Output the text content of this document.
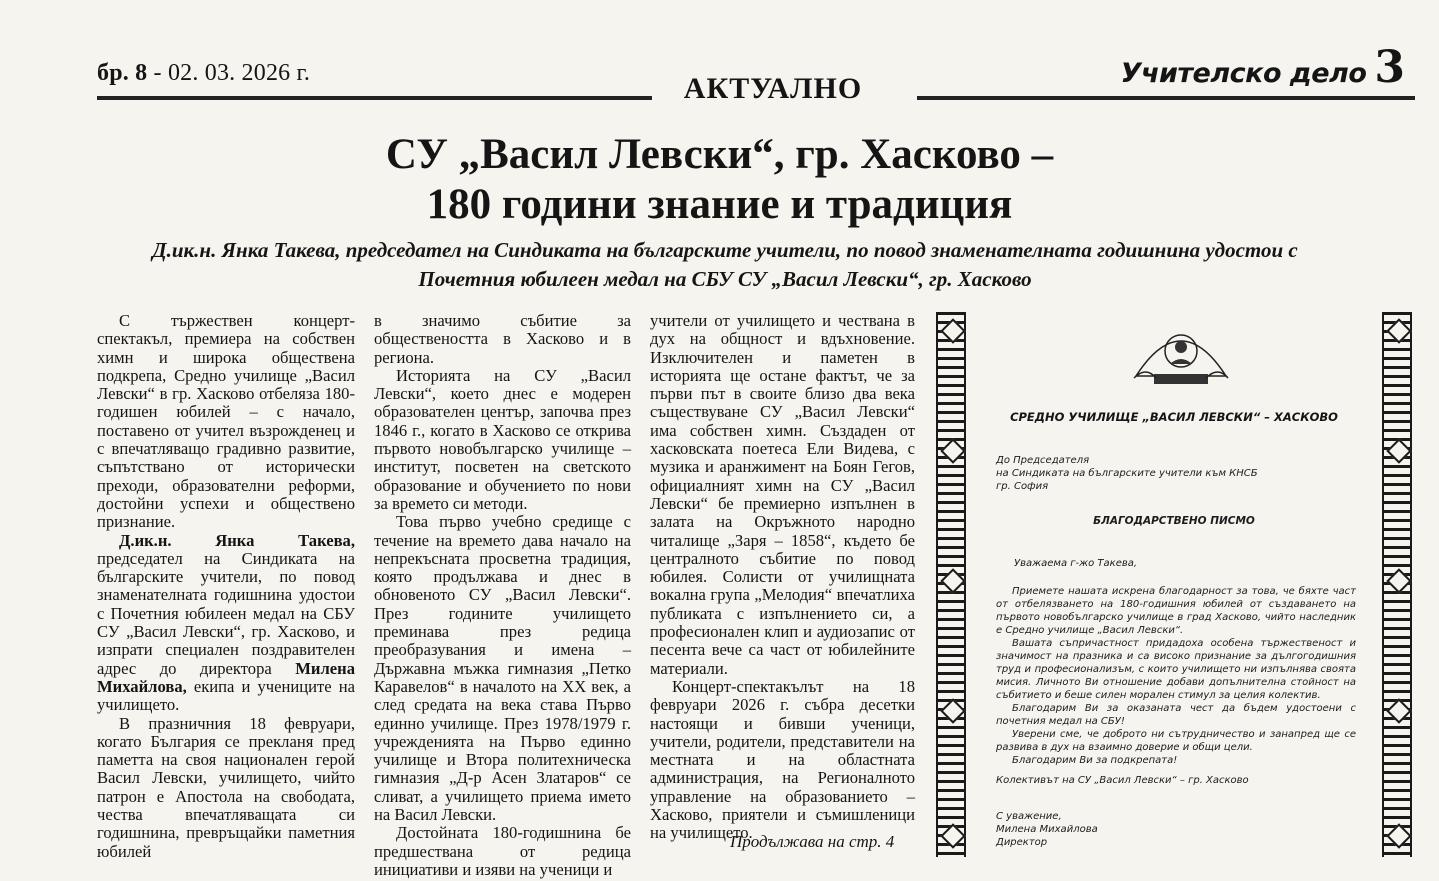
бр. 8 - 02. 03. 2026 г.	АКТУАЛНО	Учителско дело 3
СУ „Васил Левски“, гр. Хасково –
180 години знание и традиция
Д.ик.н. Янка Такева, председател на Синдиката на българските учители, по повод знаменателната годишнина удостои с Почетния юбилеен медал на СБУ СУ „Васил Левски“, гр. Хасково

С тържествен концерт-спектакъл, премиера на собствен химн и широка обществена подкрепа, Средно училище „Васил Левски“ в гр. Хасково отбеляза 180-годишен юбилей – с начало, поставено от учител възрожденец и с впечатляващо градивно развитие, съпътствано от исторически преходи, образователни реформи, достойни успехи и обществено признание.

Д.ик.н. Янка Такева, председател на Синдиката на българските учители, по повод знаменателната годишнина удостои с Почетния юбилеен медал на СБУ СУ „Васил Левски“, гр. Хасково, и изпрати специален поздравителен адрес до директора Милена Михайлова, екипа и учениците на училището.

В празничния 18 февруари, когато България се прекланя пред паметта на своя национален герой Васил Левски, училището, чийто патрон е Апостола на свободата, чества впечатляващата си годишнина, превръщайки паметния юбилей

в значимо събитие за обществеността в Хасково и в региона.

Историята на СУ „Васил Левски“, което днес е модерен образователен център, започва през 1846 г., когато в Хасково се открива първото новобългарско училище – институт, посветен на светското образование и обучението по нови за времето си методи.

Това първо учебно средище с течение на времето дава начало на непрекъсната просветна традиция, която продължава и днес в обновеното СУ „Васил Левски“. През годините училището преминава през редица преобразувания и имена – Държавна мъжка гимназия „Петко Каравелов“ в началото на XX век, а след средата на века става Първо единно училище. През 1978/1979 г. учрежденията на Първо единно училище и Втора политехническа гимназия „Д-р Асен Златаров“ се сливат, а училището приема името на Васил Левски.

Достойната 180-годишнина бе предшествана от редица инициативи и изяви на ученици и

учители от училището и чествана в дух на общност и вдъхновение. Изключителен и паметен в историята ще остане фактът, че за първи път в своите близо два века съществуване СУ „Васил Левски“ има собствен химн. Създаден от хасковската поетеса Ели Видева, с музика и аранжимент на Боян Гегов, официалният химн на СУ „Васил Левски“ бе премиерно изпълнен в залата на Окръжното народно читалище „Заря – 1858“, където бе централното събитие по повод юбилея. Солисти от училищната вокална група „Мелодия“ впечатлиха публиката с изпълнението си, а професионален клип и аудиозапис от песента вече са част от юбилейните материали.

Концерт-спектакълът на 18 февруари 2026 г. събра десетки настоящи и бивши ученици, учители, родители, представители на местната и на областната администрация, на Регионалното управление на образованието – Хасково, приятели и съмишленици на училището.

Продължава на стр. 4
СРЕДНО УЧИЛИЩЕ „ВАСИЛ ЛЕВСКИ“ – ХАСКОВО
До Председателя
на Синдиката на българските учители към КНСБ
гр. София
БЛАГОДАРСТВЕНО ПИСМО
Уважаема г-жо Такева,

Приемете нашата искрена благодарност за това, че бяхте част от отбелязването на 180-годишния юбилей от създаването на първото новобългарско училище в град Хасково, чийто наследник е Средно училище „Васил Левски“.

Вашата съпричастност придадоха особена тържественост и значимост на празника и са високо признание за дългогодишния труд и професионализъм, с които училището ни изпълнява своята мисия. Личното Ви отношение добави допълнителна стойност на събитието и беше силен морален стимул за целия колектив.

Благодарим Ви за оказаната чест да бъдем удостоени с почетния медал на СБУ!

Уверени сме, че доброто ни сътрудничество и занапред ще се развива в дух на взаимно доверие и общи цели.

Благодарим Ви за подкрепата!

Колективът на СУ „Васил Левски“ – гр. Хасково
С уважение,
Милена Михайлова
Директор
